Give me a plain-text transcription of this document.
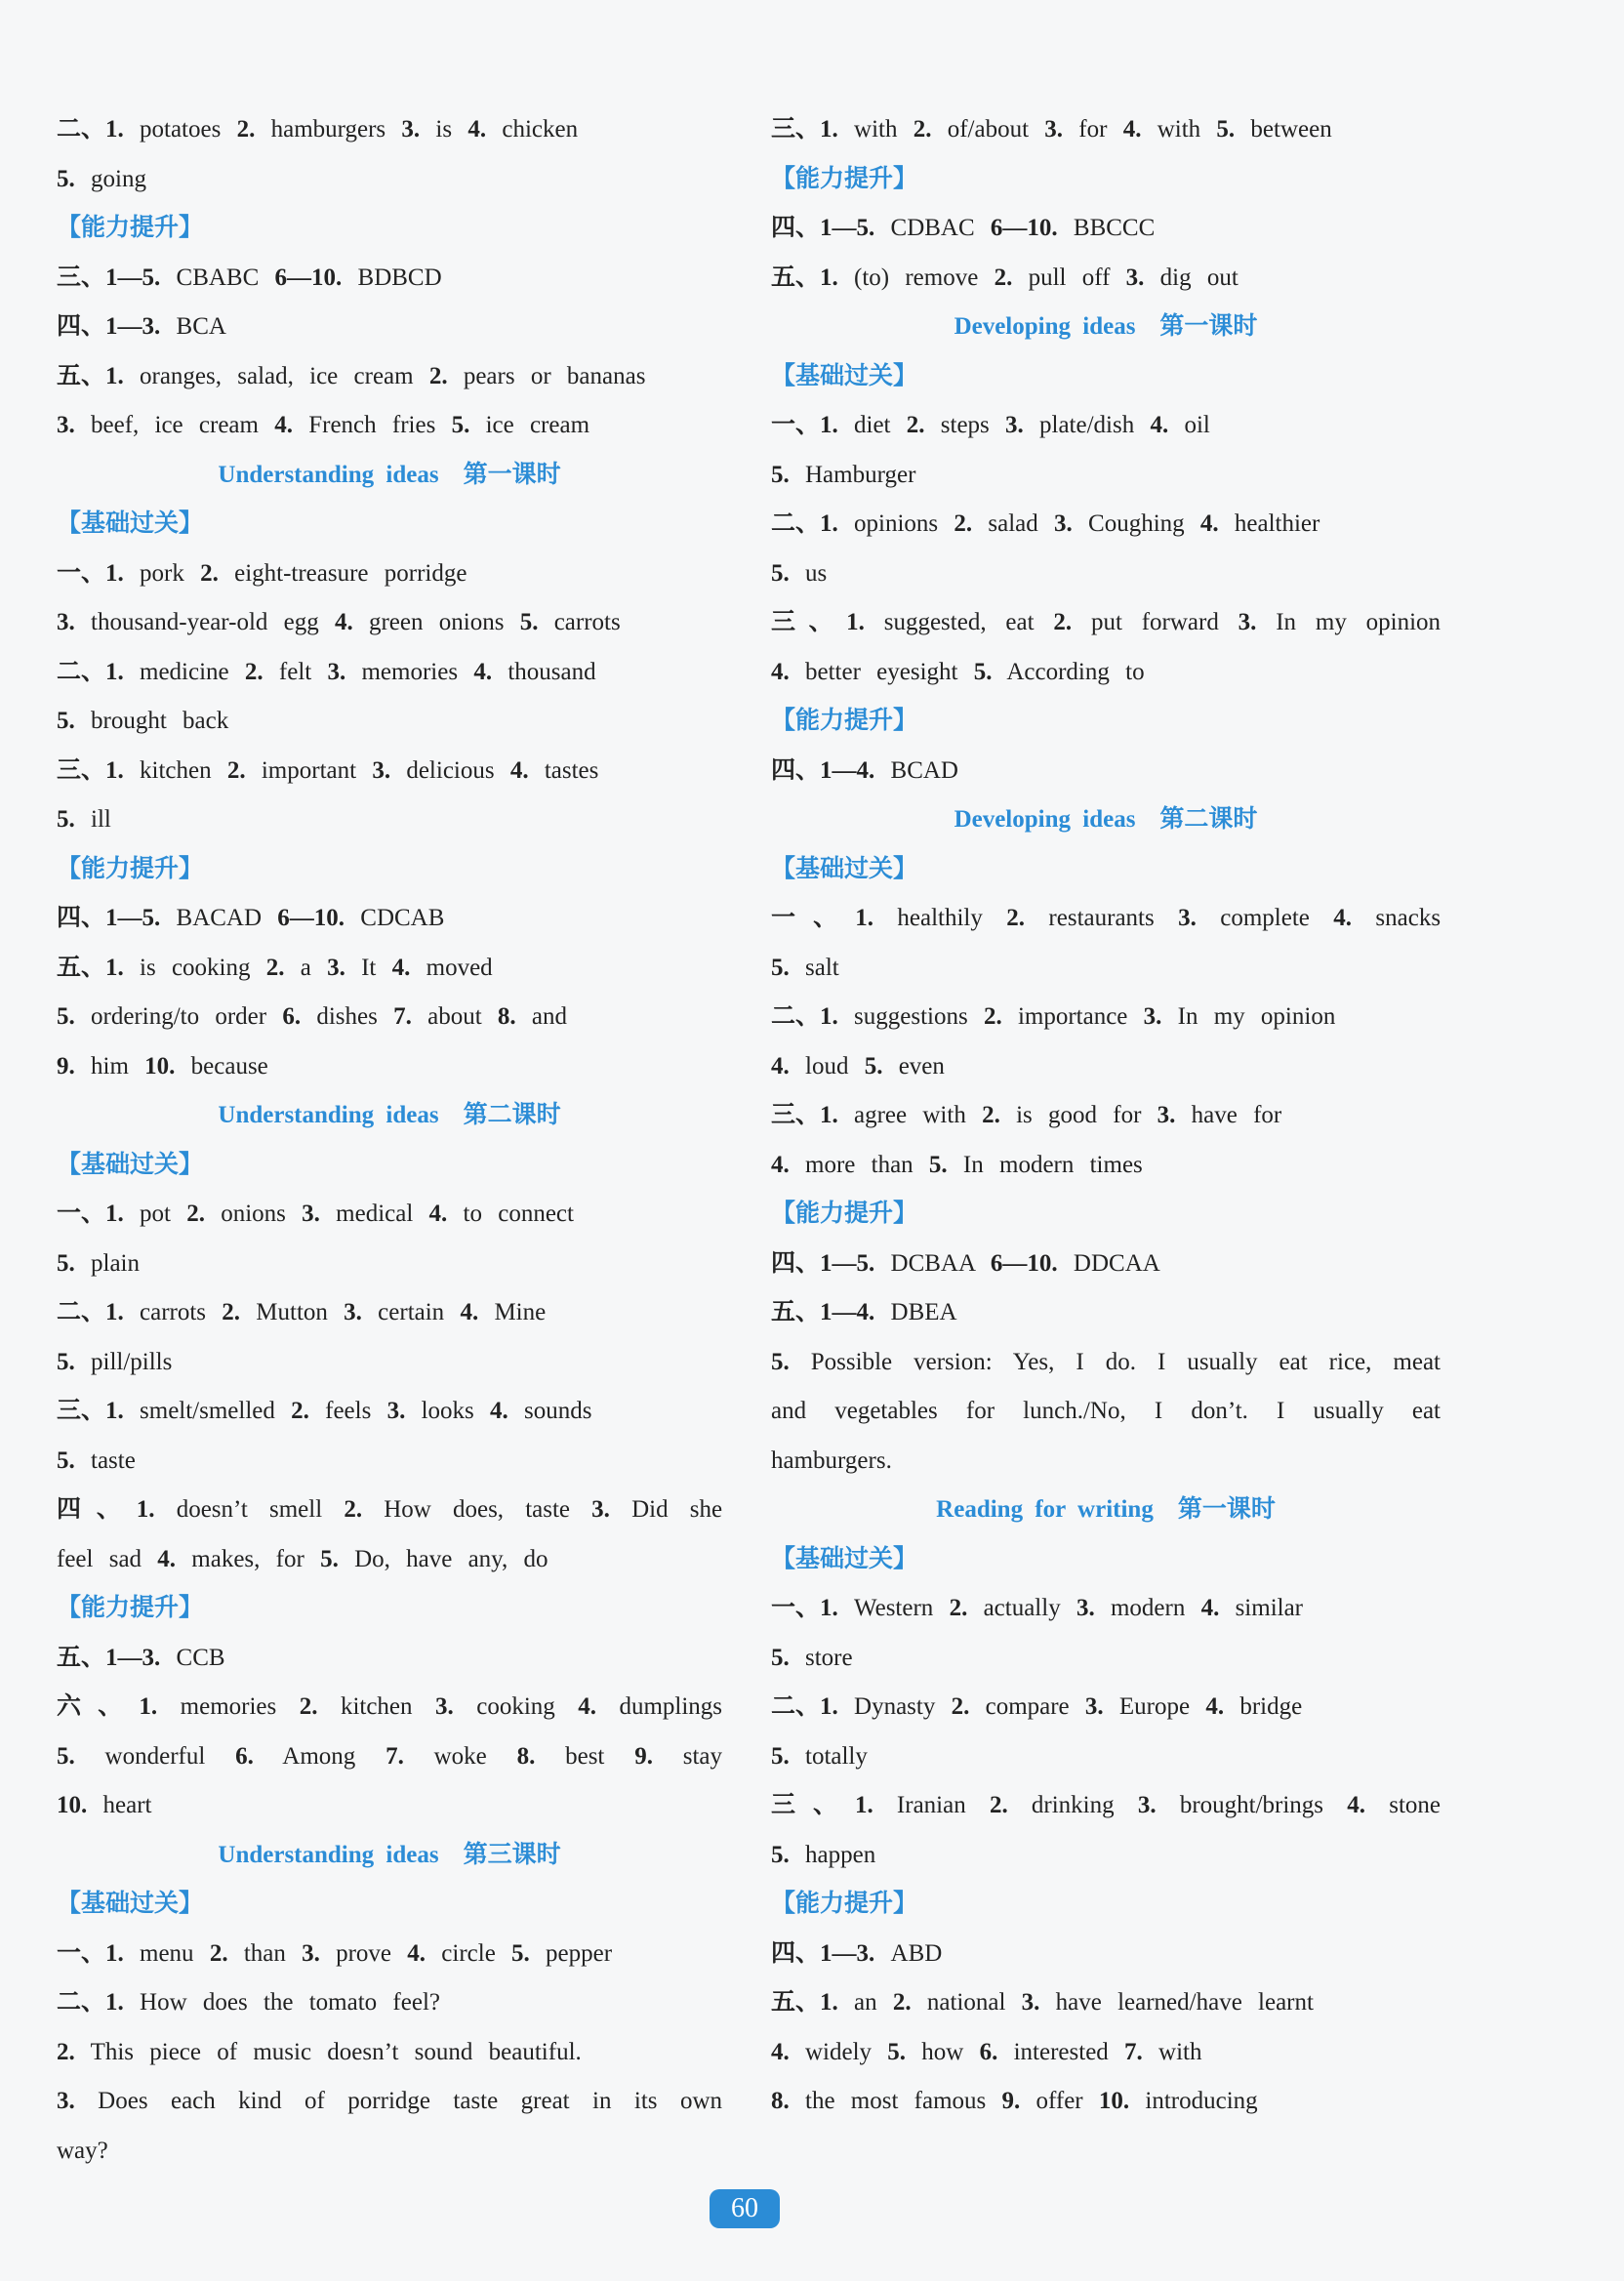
二、1. potatoes 2. hamburgers 3. is 4. chicken
5. going
【能力提升】
三、1—5. CBABC 6—10. BDBCD
四、1—3. BCA
五、1. oranges, salad, ice cream 2. pears or bananas
3. beef, ice cream 4. French fries 5. ice cream
Understanding ideas　第一课时
【基础过关】
一、1. pork 2. eight-treasure porridge
3. thousand-year-old egg 4. green onions 5. carrots
二、1. medicine 2. felt 3. memories 4. thousand
5. brought back
三、1. kitchen 2. important 3. delicious 4. tastes
5. ill
【能力提升】
四、1—5. BACAD 6—10. CDCAB
五、1. is cooking 2. a 3. It 4. moved
5. ordering/to order 6. dishes 7. about 8. and
9. him 10. because
Understanding ideas　第二课时
【基础过关】
一、1. pot 2. onions 3. medical 4. to connect
5. plain
二、1. carrots 2. Mutton 3. certain 4. Mine
5. pill/pills
三、1. smelt/smelled 2. feels 3. looks 4. sounds
5. taste
四、1. doesn’t smell 2. How does, taste 3. Did she
feel sad 4. makes, for 5. Do, have any, do
【能力提升】
五、1—3. CCB
六、1. memories 2. kitchen 3. cooking 4. dumplings
5. wonderful 6. Among 7. woke 8. best 9. stay
10. heart
Understanding ideas　第三课时
【基础过关】
一、1. menu 2. than 3. prove 4. circle 5. pepper
二、1. How does the tomato feel?
2. This piece of music doesn’t sound beautiful.
3. Does each kind of porridge taste great in its own
way?
三、1. with 2. of/about 3. for 4. with 5. between
【能力提升】
四、1—5. CDBAC 6—10. BBCCC
五、1. (to) remove 2. pull off 3. dig out
Developing ideas　第一课时
【基础过关】
一、1. diet 2. steps 3. plate/dish 4. oil
5. Hamburger
二、1. opinions 2. salad 3. Coughing 4. healthier
5. us
三、1. suggested, eat 2. put forward 3. In my opinion
4. better eyesight 5. According to
【能力提升】
四、1—4. BCAD
Developing ideas　第二课时
【基础过关】
一、1. healthily 2. restaurants 3. complete 4. snacks
5. salt
二、1. suggestions 2. importance 3. In my opinion
4. loud 5. even
三、1. agree with 2. is good for 3. have for
4. more than 5. In modern times
【能力提升】
四、1—5. DCBAA 6—10. DDCAA
五、1—4. DBEA
5. Possible version: Yes, I do. I usually eat rice, meat
and vegetables for lunch./No, I don’t. I usually eat
hamburgers.
Reading for writing　第一课时
【基础过关】
一、1. Western 2. actually 3. modern 4. similar
5. store
二、1. Dynasty 2. compare 3. Europe 4. bridge
5. totally
三、1. Iranian 2. drinking 3. brought/brings 4. stone
5. happen
【能力提升】
四、1—3. ABD
五、1. an 2. national 3. have learned/have learnt
4. widely 5. how 6. interested 7. with
8. the most famous 9. offer 10. introducing
60
